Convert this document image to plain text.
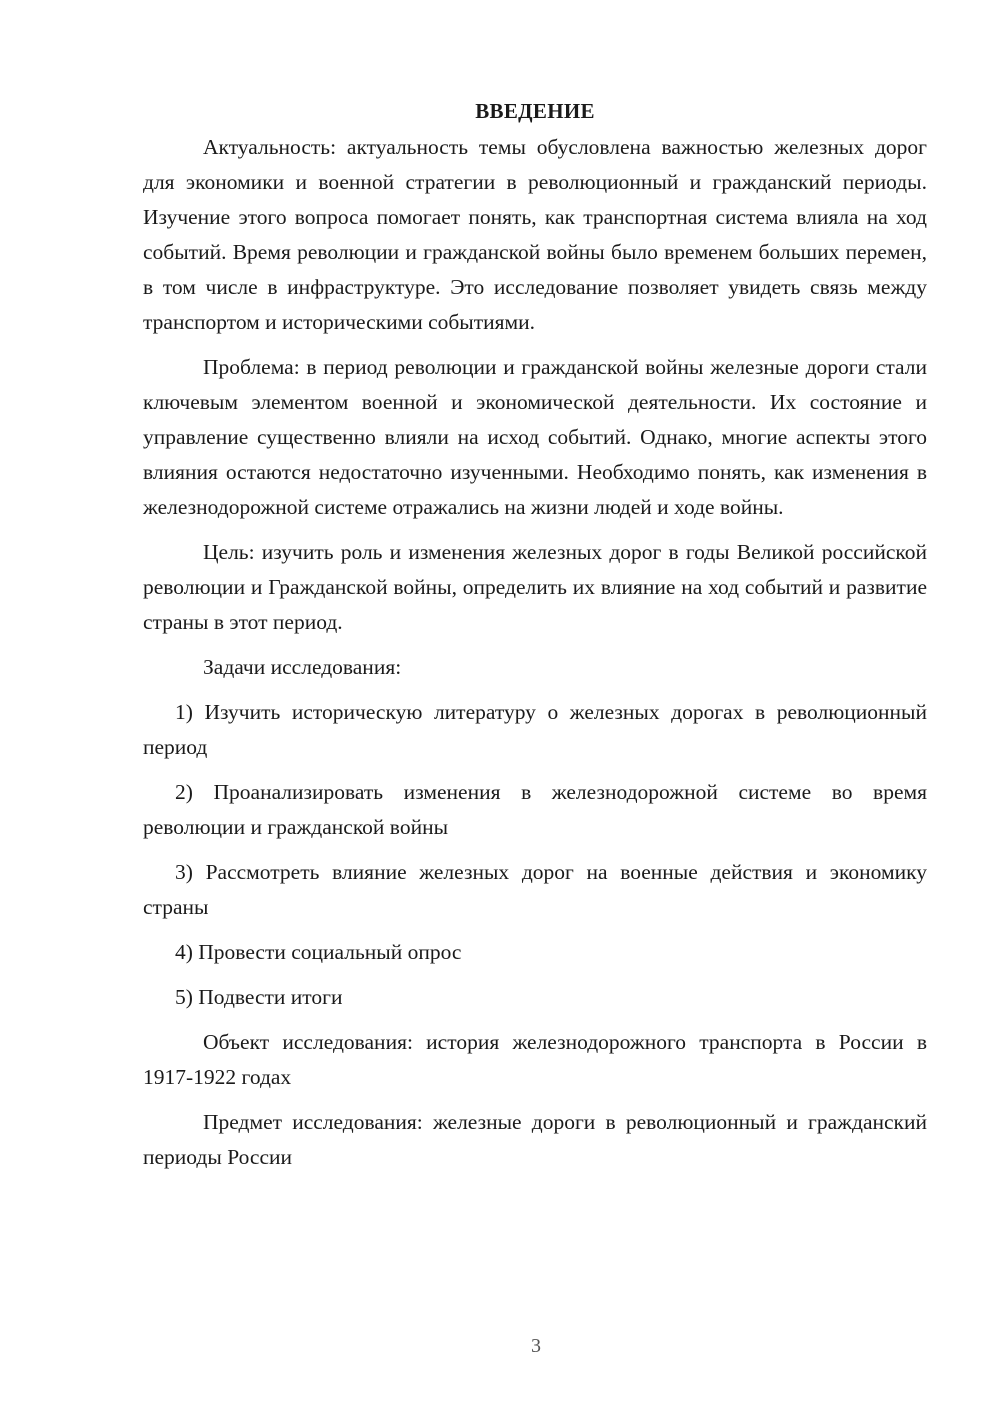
ВВЕДЕНИЕ

Актуальность: актуальность темы обусловлена важностью железных дорог для экономики и военной стратегии в революционный и гражданский периоды. Изучение этого вопроса помогает понять, как транспортная система влияла на ход событий. Время революции и гражданской войны было временем больших перемен, в том числе в инфраструктуре. Это исследование позволяет увидеть связь между транспортом и историческими событиями.

Проблема: в период революции и гражданской войны железные дороги стали ключевым элементом военной и экономической деятельности. Их состояние и управление существенно влияли на исход событий. Однако, многие аспекты этого влияния остаются недостаточно изученными. Необходимо понять, как изменения в железнодорожной системе отражались на жизни людей и ходе войны.

Цель: изучить роль и изменения железных дорог в годы Великой российской революции и Гражданской войны, определить их влияние на ход событий и развитие страны в этот период.

Задачи исследования:

1) Изучить историческую литературу о железных дорогах в революционный период

2) Проанализировать изменения в железнодорожной системе во время революции и гражданской войны

3) Рассмотреть влияние железных дорог на военные действия и экономику страны

4) Провести социальный опрос

5) Подвести итоги

Объект исследования: история железнодорожного транспорта в России в 1917-1922 годах

Предмет исследования: железные дороги в революционный и гражданский периоды России

3
